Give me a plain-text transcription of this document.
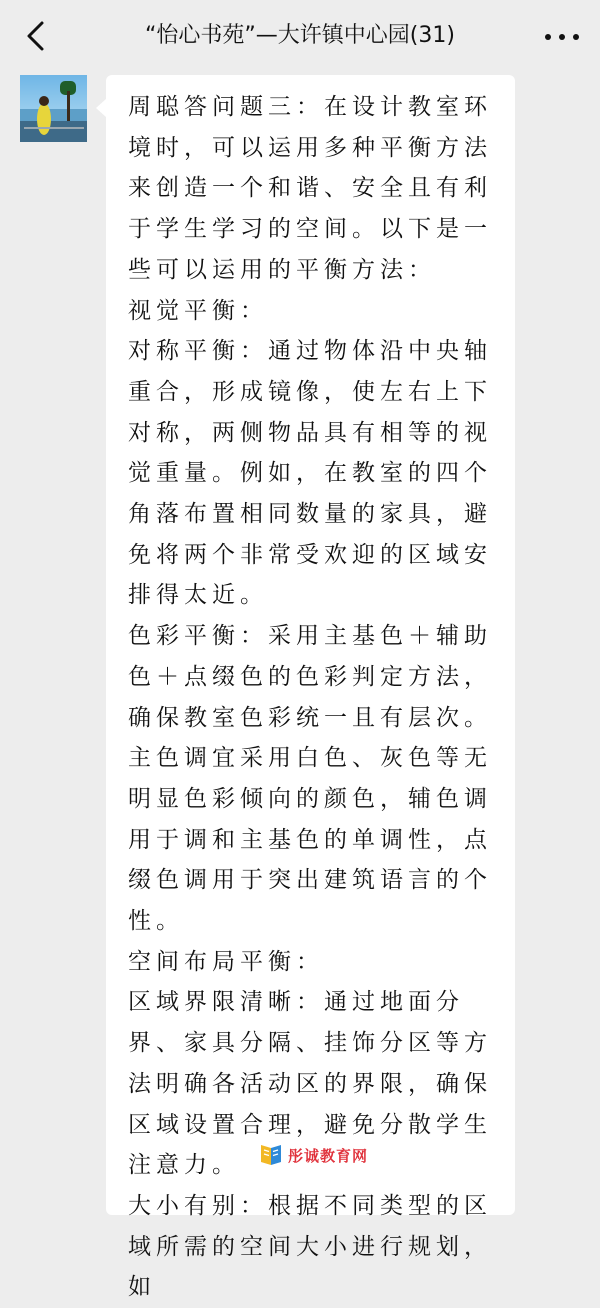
“怡心书苑”—大许镇中心园(31)

周聪答问题三：在设计教室环境时，可以运用多种平衡方法来创造一个和谐、安全且有利于学生学习的空间。以下是一些可以运用的平衡方法：

视觉平衡：

对称平衡：通过物体沿中央轴重合，形成镜像，使左右上下对称，两侧物品具有相等的视觉重量。例如，在教室的四个角落布置相同数量的家具，避免将两个非常受欢迎的区域安排得太近。

色彩平衡：采用主基色＋辅助色＋点缀色的色彩判定方法，确保教室色彩统一且有层次。主色调宜采用白色、灰色等无明显色彩倾向的颜色，辅色调用于调和主基色的单调性，点缀色调用于突出建筑语言的个性。

空间布局平衡：

区域界限清晰：通过地面分界、家具分隔、挂饰分区等方法明确各活动区的界限，确保区域设置合理，避免分散学生注意力。

大小有别：根据不同类型的区域所需的空间大小进行规划，如

彤诚教育网
